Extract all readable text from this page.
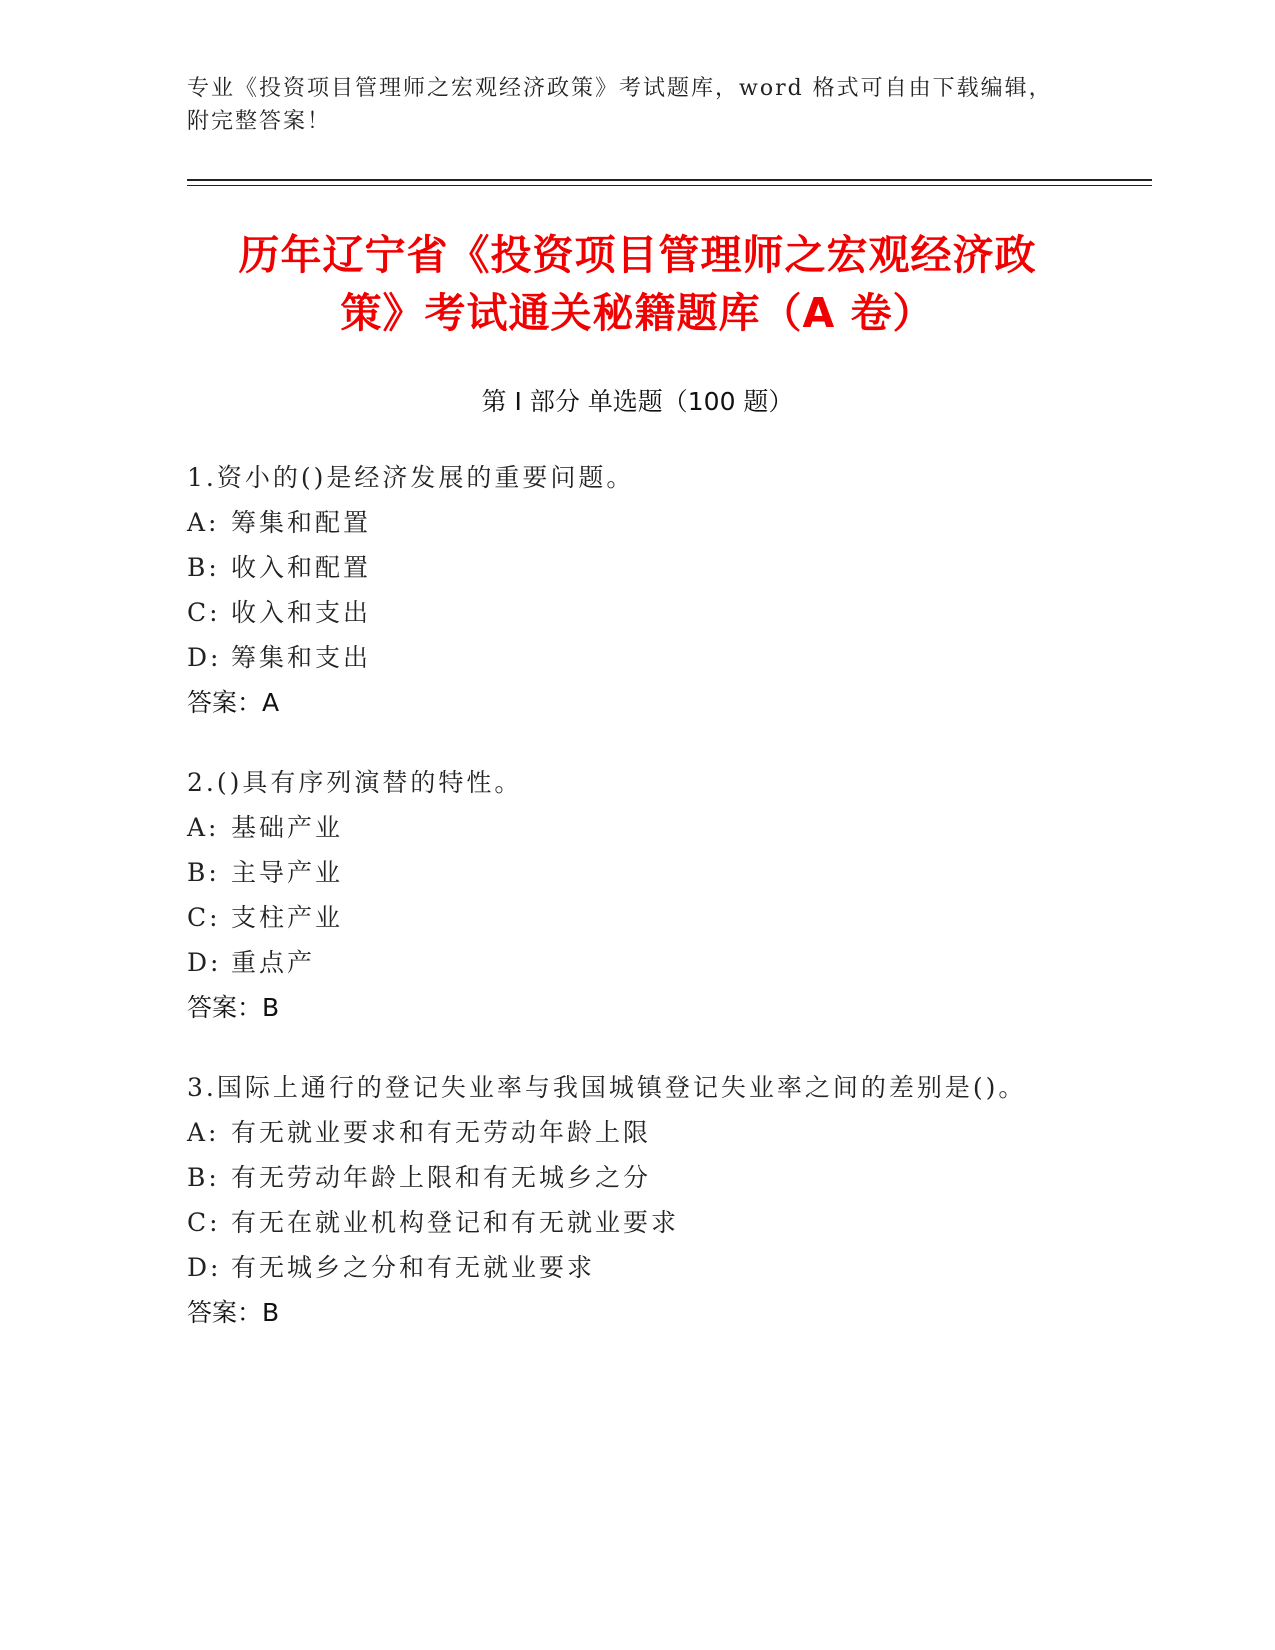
专业《投资项目管理师之宏观经济政策》考试题库，word 格式可自由下载编辑，
附完整答案！
历年辽宁省《投资项目管理师之宏观经济政
策》考试通关秘籍题库（A 卷）
第 I 部分 单选题（100 题）
1.资小的()是经济发展的重要问题。
A: 筹集和配置
B: 收入和配置
C: 收入和支出
D: 筹集和支出
答案：A
2.()具有序列演替的特性。
A: 基础产业
B: 主导产业
C: 支柱产业
D: 重点产
答案：B
3.国际上通行的登记失业率与我国城镇登记失业率之间的差别是()。
A: 有无就业要求和有无劳动年龄上限
B: 有无劳动年龄上限和有无城乡之分
C: 有无在就业机构登记和有无就业要求
D: 有无城乡之分和有无就业要求
答案：B
